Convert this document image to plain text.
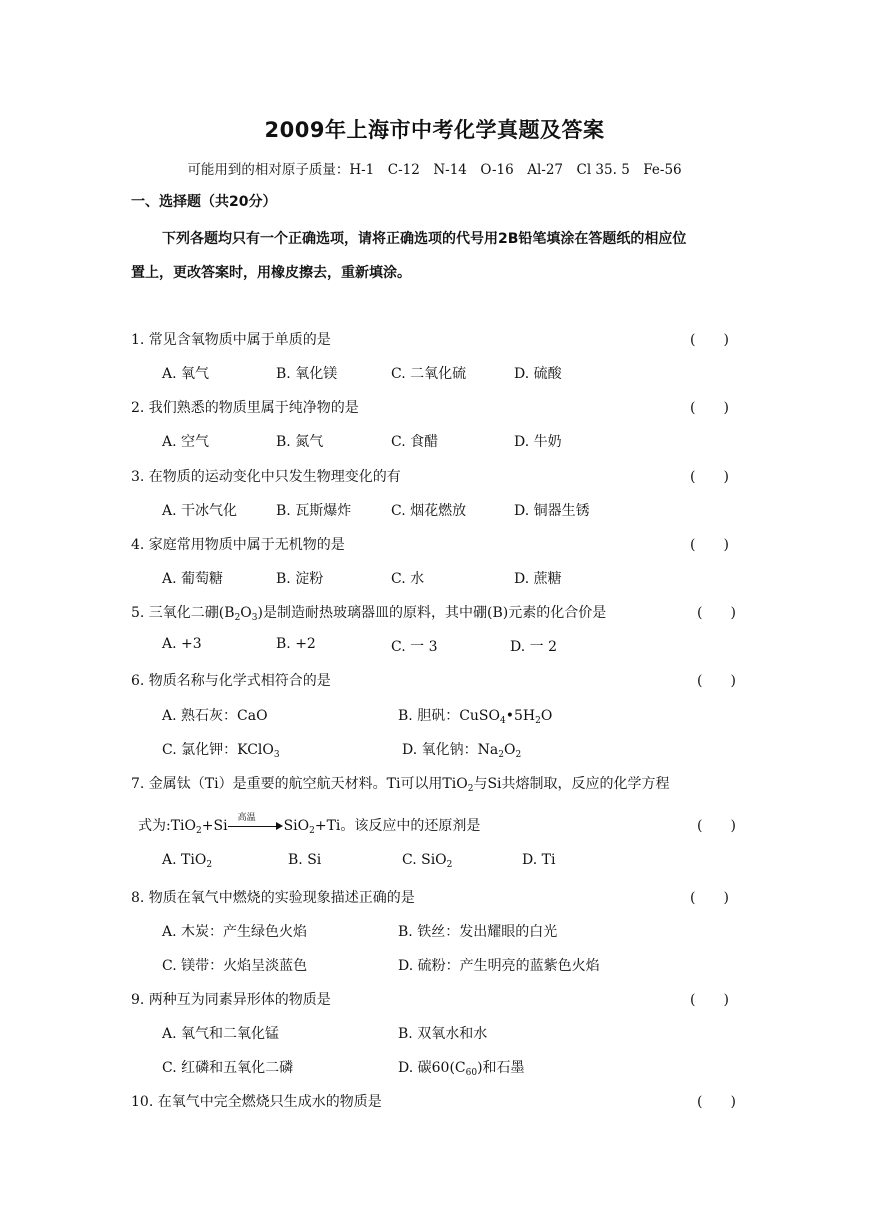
2009年上海市中考化学真题及答案
可能用到的相对原子质量：H-1　C-12　N-14　O-16　Al-27　Cl 35. 5　Fe-56
一、选择题（共20分）
下列各题均只有一个正确选项，请将正确选项的代号用2B铅笔填涂在答题纸的相应位
置上，更改答案时，用橡皮擦去，重新填涂。
1. 常见含氧物质中属于单质的是	(　　)
A. 氧气	B. 氧化镁	C. 二氧化硫	D. 硫酸
2. 我们熟悉的物质里属于纯净物的是	(　　)
A. 空气	B. 氮气	C. 食醋	D. 牛奶
3. 在物质的运动变化中只发生物理变化的有	(　　)
A. 干冰气化	B. 瓦斯爆炸	C. 烟花燃放	D. 铜器生锈
4. 家庭常用物质中属于无机物的是	(　　)
A. 葡萄糖	B. 淀粉	C. 水	D. 蔗糖
5. 三氧化二硼$(B_2O_3)$是制造耐热玻璃器皿的原料，其中硼(B)元素的化合价是	(　　)
A. +3	B. +2	C. 一 3	D. 一 2
6. 物质名称与化学式相符合的是	(　　)
A. 熟石灰：CaO	B. 胆矾：$CuSO_4•5H_2O$
C. 氯化钾：KClO$_3$	D. 氧化钠：$Na_2O_2$
7. 金属钛（Ti）是重要的航空航天材料。Ti可以用TiO$_2$与Si共熔制取，反应的化学方程
式为:TiO$_2$+Si 高温 SiO$_2$+Ti。该反应中的还原剂是	(　　)
A. TiO$_2$	B. Si	C. SiO$_2$	D. Ti
8. 物质在氧气中燃烧的实验现象描述正确的是	(　　)
A. 木炭：产生绿色火焰	B. 铁丝：发出耀眼的白光
C. 镁带：火焰呈淡蓝色	D. 硫粉：产生明亮的蓝紫色火焰
9. 两种互为同素异形体的物质是	(　　)
A. 氧气和二氧化锰	B. 双氧水和水
C. 红磷和五氧化二磷	D. 碳$60(C_{60})$和石墨
10. 在氧气中完全燃烧只生成水的物质是	(　　)
